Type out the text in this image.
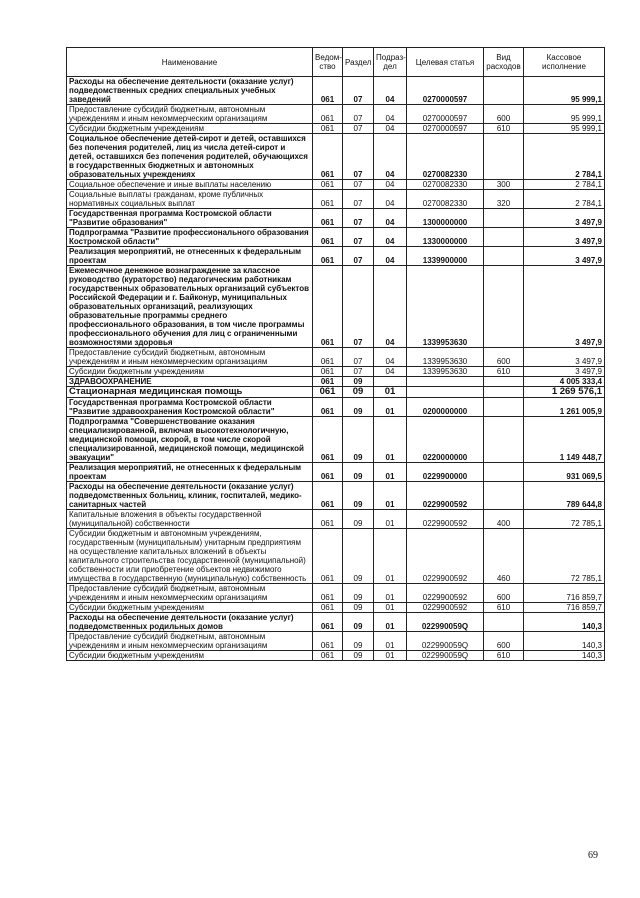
Наименование	Ведом-ство	Раздел	Подраз-дел	Целевая статья	Вид расходов	Кассовое исполнение
Расходы на обеспечение деятельности (оказание услуг) подведомственных средних специальных учебных заведений	061	07	04	0270000597		95 999,1
Предоставление субсидий бюджетным, автономным учреждениям и иным некоммерческим организациям	061	07	04	0270000597	600	95 999,1
Субсидии бюджетным учреждениям	061	07	04	0270000597	610	95 999,1
Социальное обеспечение детей-сирот и детей, оставшихся без попечения родителей, лиц из числа детей-сирот и детей, оставшихся без попечения родителей, обучающихся в государственных бюджетных и автономных образовательных учреждениях	061	07	04	0270082330		2 784,1
Социальное обеспечение и иные выплаты населению	061	07	04	0270082330	300	2 784,1
Социальные выплаты гражданам, кроме публичных нормативных социальных выплат	061	07	04	0270082330	320	2 784,1
Государственная программа Костромской области "Развитие образования"	061	07	04	1300000000		3 497,9
Подпрограмма "Развитие профессионального образования Костромской области"	061	07	04	1330000000		3 497,9
Реализация мероприятий, не отнесенных к федеральным проектам	061	07	04	1339900000		3 497,9
Ежемесячное денежное вознаграждение за классное руководство (кураторство) педагогическим работникам государственных образовательных организаций субъектов Российской Федерации и г. Байконур, муниципальных образовательных организаций, реализующих образовательные программы среднего профессионального образования, в том числе программы профессионального обучения для лиц с ограниченными возможностями здоровья	061	07	04	1339953630		3 497,9
Предоставление субсидий бюджетным, автономным учреждениям и иным некоммерческим организациям	061	07	04	1339953630	600	3 497,9
Субсидии бюджетным учреждениям	061	07	04	1339953630	610	3 497,9
ЗДРАВООХРАНЕНИЕ	061	09				4 005 333,4
Стационарная медицинская помощь	061	09	01			1 269 576,1
Государственная программа Костромской области "Развитие здравоохранения Костромской области"	061	09	01	0200000000		1 261 005,9
Подпрограмма "Совершенствование оказания специализированной, включая высокотехнологичную, медицинской помощи, скорой, в том числе скорой специализированной, медицинской помощи, медицинской эвакуации"	061	09	01	0220000000		1 149 448,7
Реализация мероприятий, не отнесенных к федеральным проектам	061	09	01	0229900000		931 069,5
Расходы на обеспечение деятельности (оказание услуг) подведомственных больниц, клиник, госпиталей, медико-санитарных частей	061	09	01	0229900592		789 644,8
Капитальные вложения в объекты государственной (муниципальной) собственности	061	09	01	0229900592	400	72 785,1
Субсидии бюджетным и автономным учреждениям, государственным (муниципальным) унитарным предприятиям на осуществление капитальных вложений в объекты капитального строительства государственной (муниципальной) собственности или приобретение объектов недвижимого имущества в государственную (муниципальную) собственность	061	09	01	0229900592	460	72 785,1
Предоставление субсидий бюджетным, автономным учреждениям и иным некоммерческим организациям	061	09	01	0229900592	600	716 859,7
Субсидии бюджетным учреждениям	061	09	01	0229900592	610	716 859,7
Расходы на обеспечение деятельности (оказание услуг) подведомственных родильных домов	061	09	01	022990059Q		140,3
Предоставление субсидий бюджетным, автономным учреждениям и иным некоммерческим организациям	061	09	01	022990059Q	600	140,3
Субсидии бюджетным учреждениям	061	09	01	022990059Q	610	140,3
69
